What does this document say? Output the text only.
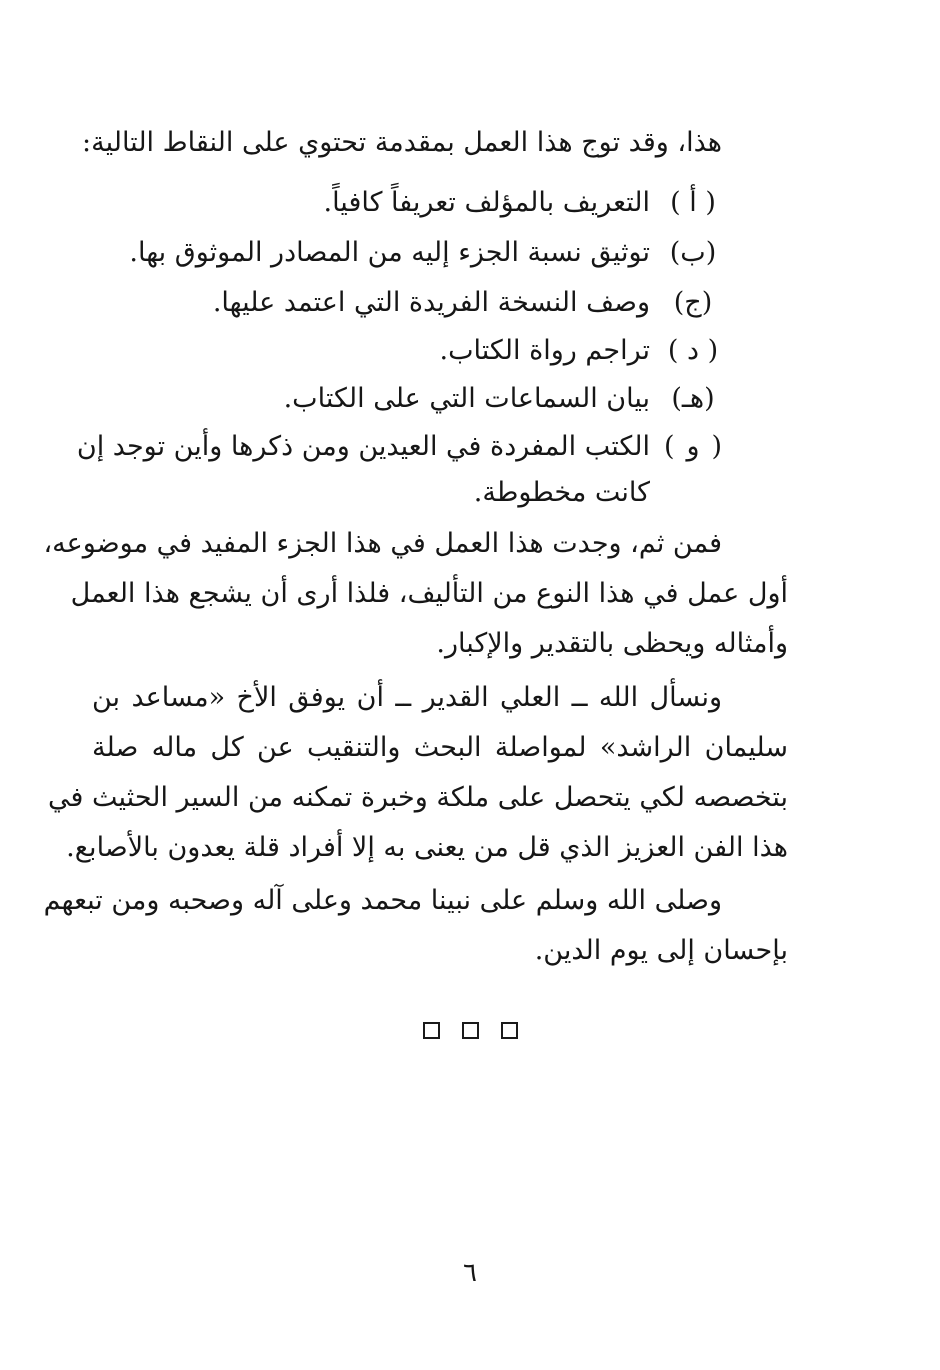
هذا، وقد توج هذا العمل بمقدمة تحتوي على النقاط التالية:
( أ )التعريف بالمؤلف تعريفاً كافياً.
(ب)توثيق نسبة الجزء إليه من المصادر الموثوق بها.
(ج)وصف النسخة الفريدة التي اعتمد عليها.
( د )تراجم رواة الكتاب.
(هـ)بيان السماعات التي على الكتاب.
( و )الكتب المفردة في العيدين ومن ذكرها وأين توجد إن
كانت مخطوطة.
فمن ثم، وجدت هذا العمل في هذا الجزء المفيد في موضوعه،
أول عمل في هذا النوع من التأليف، فلذا أرى أن يشجع هذا العمل
وأمثاله ويحظى بالتقدير والإكبار.
ونسأل الله ــ العلي القدير ــ أن يوفق الأخ «مساعد بن
سليمان الراشد» لمواصلة البحث والتنقيب عن كل ماله صلة
بتخصصه لكي يتحصل على ملكة وخبرة تمكنه من السير الحثيث في
هذا الفن العزيز الذي قل من يعنى به إلا أفراد قلة يعدون بالأصابع.
وصلى الله وسلم على نبينا محمد وعلى آله وصحبه ومن تبعهم
بإحسان إلى يوم الدين.
٦
